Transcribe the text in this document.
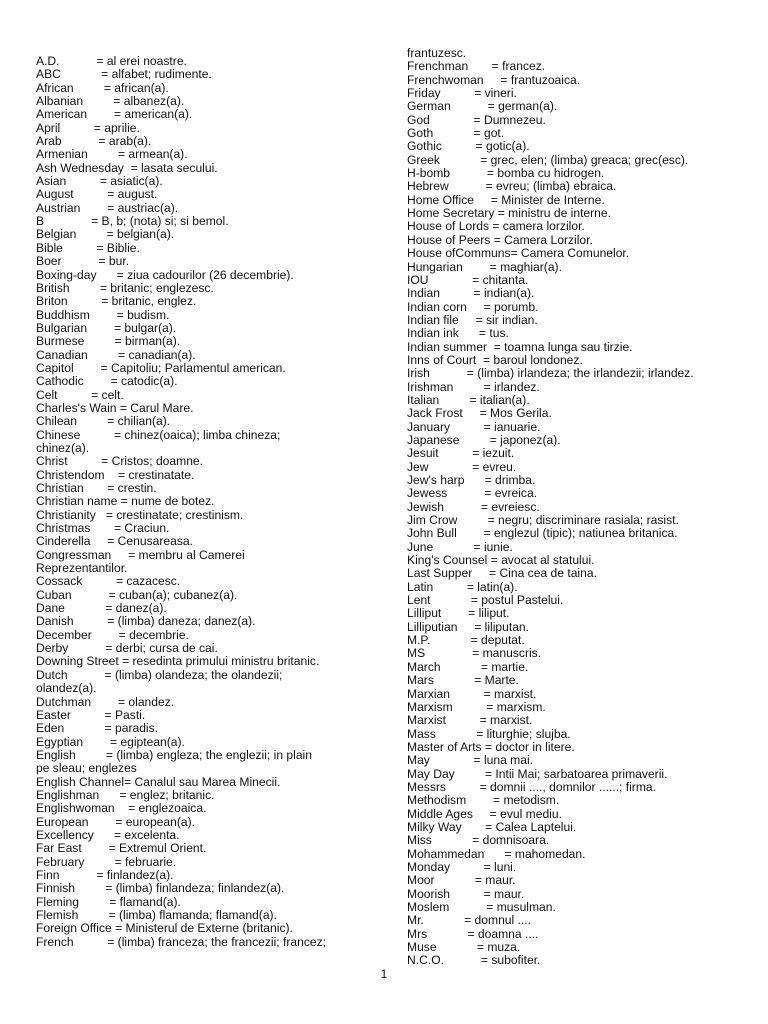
A.D.           = al erei noastre.
ABC            = alfabet; rudimente.
African         = african(a).
Albanian         = albanez(a).
American        = american(a).
April          = aprilie.
Arab           = arab(a).
Armenian         = armean(a).
Ash Wednesday  = lasata secului.
Asian          = asiatic(a).
August          = august.
Austrian        = austriac(a).
B              = B, b; (nota) si; si bemol.
Belgian         = belgian(a).
Bible          = Biblie.
Boer           = bur.
Boxing-day      = ziua cadourilor (26 decembrie).
British         = britanic; englezesc.
Briton          = britanic, englez.
Buddhism        = budism.
Bulgarian        = bulgar(a).
Burmese         = birman(a).
Canadian         = canadian(a).
Capitol        = Capitoliu; Parlamentul american.
Cathodic        = catodic(a).
Celt          = celt.
Charles's Wain = Carul Mare.
Chilean         = chilian(a).
Chinese          = chinez(oaica); limba chineza;
chinez(a).
Christ          = Cristos; doamne.
Christendom    = crestinatate.
Christian       = crestin.
Christian name = nume de botez.
Christianity   = crestinatate; crestinism.
Christmas       = Craciun.
Cinderella     = Cenusareasa.
Congressman     = membru al Camerei
Reprezentantilor.
Cossack          = cazacesc.
Cuban           = cuban(a); cubanez(a).
Dane            = danez(a).
Danish          = (limba) daneza; danez(a).
December        = decembrie.
Derby           = derbi; cursa de cai.
Downing Street = resedinta primului ministru britanic.
Dutch           = (limba) olandeza; the olandezii;
olandez(a).
Dutchman        = olandez.
Easter          = Pasti.
Eden            = paradis.
Egyptian        = egiptean(a).
English         = (limba) engleza; the englezii; in plain
pe sleau; englezes
English Channel= Canalul sau Marea Minecii.
Englishman      = englez; britanic.
Englishwoman    = englezoaica.
European        = european(a).
Excellency      = excelenta.
Far East        = Extremul Orient.
February         = februarie.
Finn           = finlandez(a).
Finnish         = (limba) finlandeza; finlandez(a).
Fleming         = flamand(a).
Flemish         = (limba) flamanda; flamand(a).
Foreign Office = Ministerul de Externe (britanic).
French          = (limba) franceza; the francezii; francez;
frantuzesc.
Frenchman       = francez.
Frenchwoman     = frantuzoaica.
Friday          = vineri.
German           = german(a).
God             = Dumnezeu.
Goth            = got.
Gothic          = gotic(a).
Greek            = grec, elen; (limba) greaca; grec(esc).
H-bomb           = bomba cu hidrogen.
Hebrew           = evreu; (limba) ebraica.
Home Office     = Minister de Interne.
Home Secretary = ministru de interne.
House of Lords = camera lorzilor.
House of Peers = Camera Lorzilor.
House ofCommuns= Camera Comunelor.
Hungarian        = maghiar(a).
IOU             = chitanta.
Indian          = indian(a).
Indian corn     = porumb.
Indian file     = sir indian.
Indian ink      = tus.
Indian summer  = toamna lunga sau tirzie.
Inns of Court  = baroul londonez.
Irish           = (limba) irlandeza; the irlandezii; irlandez.
Irishman         = irlandez.
Italian         = italian(a).
Jack Frost     = Mos Gerila.
January          = ianuarie.
Japanese         = japonez(a).
Jesuit          = iezuit.
Jew             = evreu.
Jew's harp      = drimba.
Jewess           = evreica.
Jewish           = evreiesc.
Jim Crow         = negru; discriminare rasiala; rasist.
John Bull        = englezul (tipic); natiunea britanica.
June            = iunie.
King's Counsel = avocat al statului.
Last Supper     = Cina cea de taina.
Latin          = latin(a).
Lent            = postul Pastelui.
Lilliput        = liliput.
Lilliputian     = liliputan.
M.P.            = deputat.
MS              = manuscris.
March            = martie.
Mars            = Marte.
Marxian          = marxist.
Marxism          = marxism.
Marxist          = marxist.
Mass            = liturghie; slujba.
Master of Arts = doctor in litere.
May             = luna mai.
May Day         = Intii Mai; sarbatoarea primaverii.
Messrs          = domnii ...., domnilor ......; firma.
Methodism        = metodism.
Middle Ages     = evul mediu.
Milky Way       = Calea Laptelui.
Miss            = domnisoara.
Mohammedan      = mahomedan.
Monday          = luni.
Moor            = maur.
Moorish          = maur.
Moslem           = musulman.
Mr.            = domnul ....
Mrs            = doamna ....
Muse            = muza.
N.C.O.           = subofiter.
1
